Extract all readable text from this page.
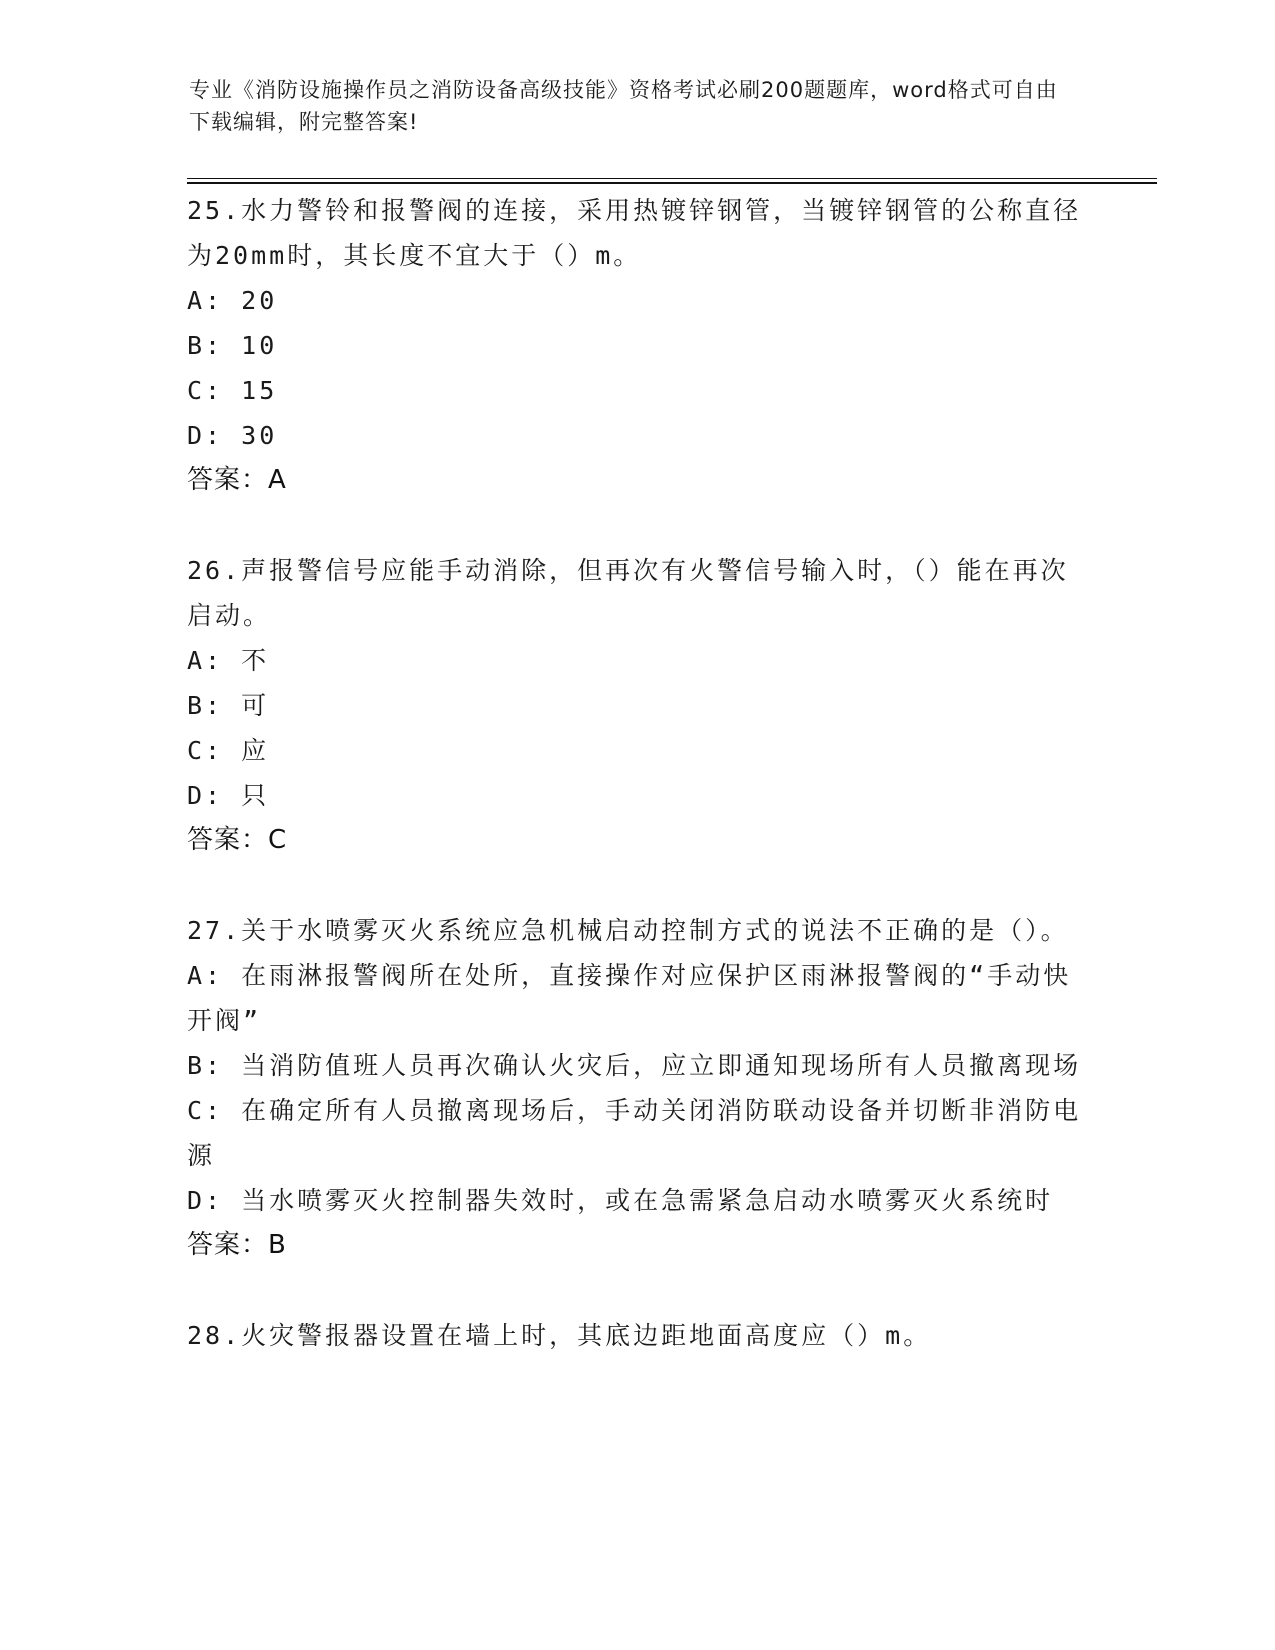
专业《消防设施操作员之消防设备高级技能》资格考试必刷200题题库，word格式可自由下载编辑，附完整答案!
25.水力警铃和报警阀的连接，采用热镀锌钢管，当镀锌钢管的公称直径为20mm时，其长度不宜大于（）m。
A: 20
B: 10
C: 15
D: 30
答案：A
26.声报警信号应能手动消除，但再次有火警信号输入时，（）能在再次启动。
A: 不
B: 可
C: 应
D: 只
答案：C
27.关于水喷雾灭火系统应急机械启动控制方式的说法不正确的是（）。
A: 在雨淋报警阀所在处所，直接操作对应保护区雨淋报警阀的“手动快开阀”
B: 当消防值班人员再次确认火灾后，应立即通知现场所有人员撤离现场
C: 在确定所有人员撤离现场后，手动关闭消防联动设备并切断非消防电源
D: 当水喷雾灭火控制器失效时，或在急需紧急启动水喷雾灭火系统时
答案：B
28.火灾警报器设置在墙上时，其底边距地面高度应（）m。
